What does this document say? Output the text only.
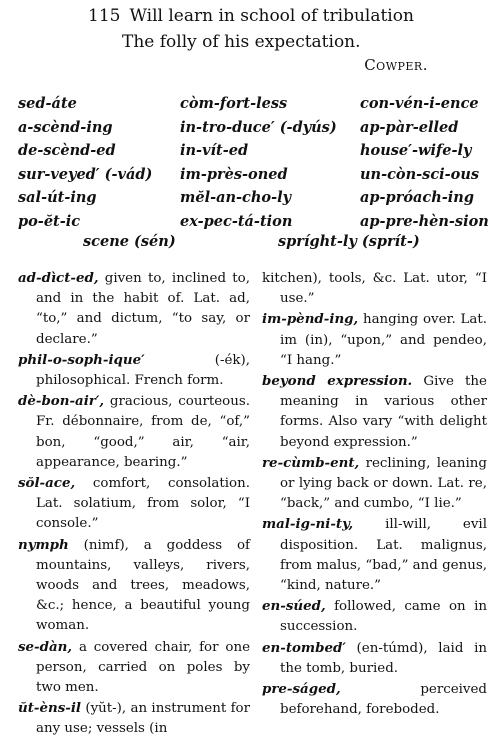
115 Will learn in school of tribulation
The folly of his expectation.
Cowper.
sed-áte
a-scènd-ing
de-scènd-ed
sur-veyed′ (-vád)
sal-út-ing
po-ĕt-ic
còm-fort-less
in-tro-duce′ (-dyús)
in-vít-ed
im-près-oned
mĕl-an-cho-ly
ex-pec-tá-tion
con-vén-i-ence
ap-pàr-elled
house′-wife-ly
un-còn-sci-ous
ap-próach-ing
ap-pre-hèn-sion
scene (sén)	spríght-ly (sprít-)

ad-dìct-ed, given to, inclined to, and in the habit of. Lat. ad, “to,” and dictum, “to say, or declare.”

phil-o-soph-ique′ (-ék), philosophical. French form.

dè-bon-air′, gracious, courteous. Fr. débonnaire, from de, “of,” bon, “good,” air, “air, appearance, bearing.”

sŏl-ace, comfort, consolation. Lat. solatium, from solor, “I console.”

nymph (nimf), a goddess of mountains, valleys, rivers, woods and trees, meadows, &c.; hence, a beautiful young woman.

se-dàn, a covered chair, for one person, carried on poles by two men.

ŭt-èns-il (yŭt-), an instrument for any use; vessels (in

kitchen), tools, &c. Lat. utor, “I use.”

im-pènd-ing, hanging over. Lat. im (in), “upon,” and pendeo, “I hang.”

beyond expression. Give the meaning in various other forms. Also vary “with delight beyond expression.”

re-cùmb-ent, reclining, leaning or lying back or down. Lat. re, “back,” and cumbo, “I lie.”

mal-ig-ni-ty, ill-will, evil disposition. Lat. malignus, from malus, “bad,” and genus, “kind, nature.”

en-súed, followed, came on in succession.

en-tombed′ (en-túmd), laid in the tomb, buried.

pre-ságed, perceived beforehand, foreboded.
